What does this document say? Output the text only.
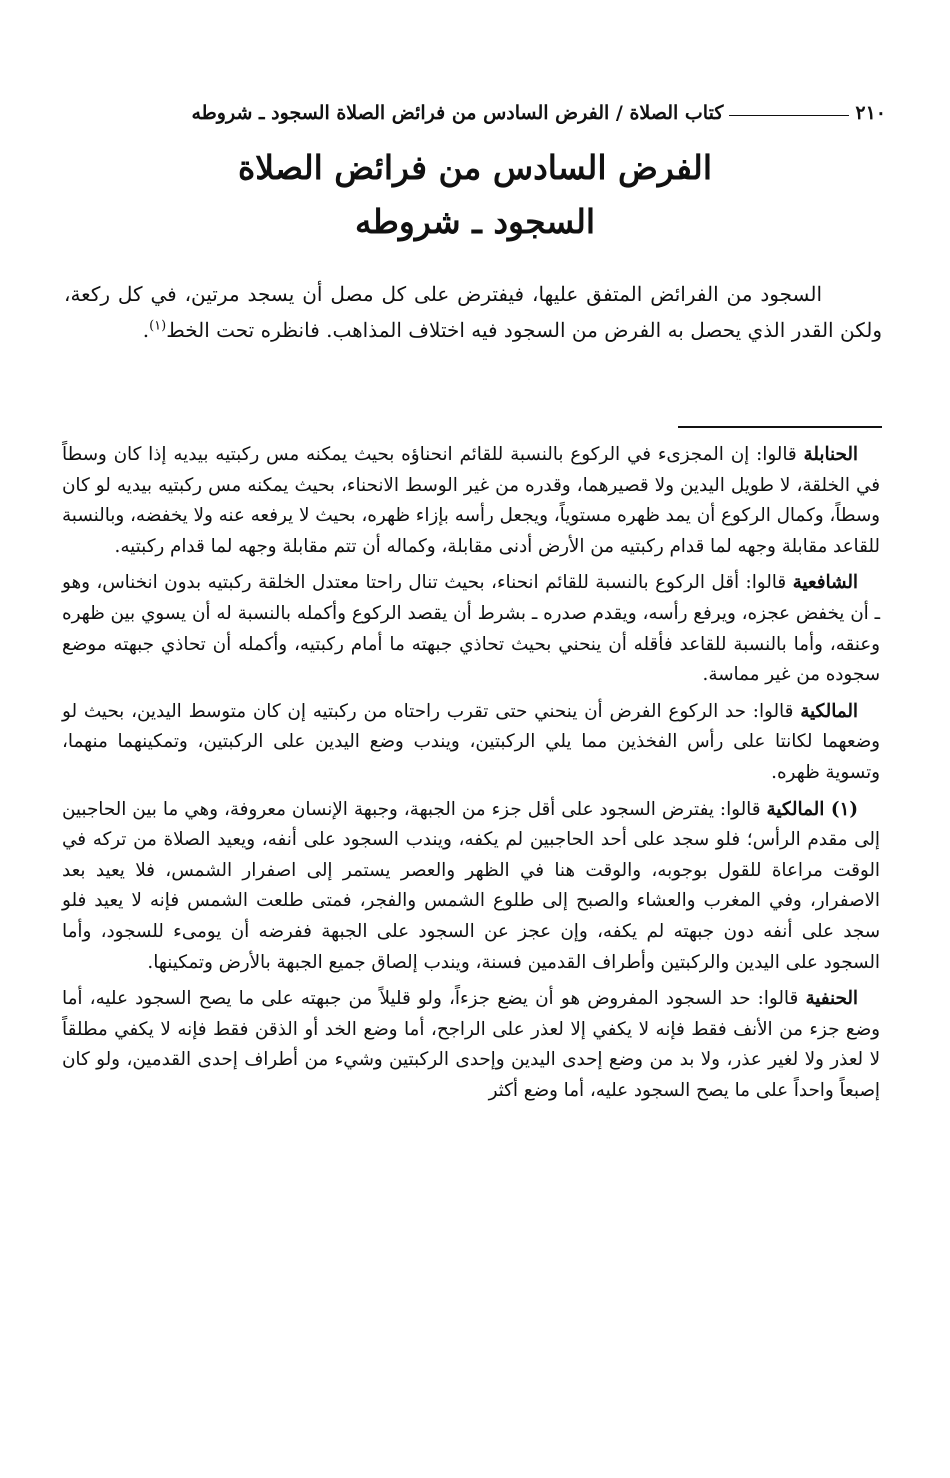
٢١٠
كتاب الصلاة / الفرض السادس من فرائض الصلاة السجود ـ شروطه
الفرض السادس من فرائض الصلاة
السجود ـ شروطه
السجود من الفرائض المتفق عليها، فيفترض على كل مصل أن يسجد مرتين، في كل ركعة، ولكن القدر الذي يحصل به الفرض من السجود فيه اختلاف المذاهب. فانظره تحت الخط$^{(١)}$.

الحنابلة قالوا: إن المجزىء في الركوع بالنسبة للقائم انحناؤه بحيث يمكنه مس ركبتيه بيديه إذا كان وسطاً في الخلقة، لا طويل اليدين ولا قصيرهما، وقدره من غير الوسط الانحناء، بحيث يمكنه مس ركبتيه بيديه لو كان وسطاً، وكمال الركوع أن يمد ظهره مستوياً، ويجعل رأسه بإزاء ظهره، بحيث لا يرفعه عنه ولا يخفضه، وبالنسبة للقاعد مقابلة وجهه لما قدام ركبتيه من الأرض أدنى مقابلة، وكماله أن تتم مقابلة وجهه لما قدام ركبتيه.

الشافعية قالوا: أقل الركوع بالنسبة للقائم انحناء، بحيث تنال راحتا معتدل الخلقة ركبتيه بدون انخناس، وهو ـ أن يخفض عجزه، ويرفع رأسه، ويقدم صدره ـ بشرط أن يقصد الركوع وأكمله بالنسبة له أن يسوي بين ظهره وعنقه، وأما بالنسبة للقاعد فأقله أن ينحني بحيث تحاذي جبهته ما أمام ركبتيه، وأكمله أن تحاذي جبهته موضع سجوده من غير مماسة.

المالكية قالوا: حد الركوع الفرض أن ينحني حتى تقرب راحتاه من ركبتيه إن كان متوسط اليدين، بحيث لو وضعهما لكانتا على رأس الفخذين مما يلي الركبتين، ويندب وضع اليدين على الركبتين، وتمكينهما منهما، وتسوية ظهره.

(١) المالكية قالوا: يفترض السجود على أقل جزء من الجبهة، وجبهة الإنسان معروفة، وهي ما بين الحاجبين إلى مقدم الرأس؛ فلو سجد على أحد الحاجبين لم يكفه، ويندب السجود على أنفه، ويعيد الصلاة من تركه في الوقت مراعاة للقول بوجوبه، والوقت هنا في الظهر والعصر يستمر إلى اصفرار الشمس، فلا يعيد بعد الاصفرار، وفي المغرب والعشاء والصبح إلى طلوع الشمس والفجر، فمتى طلعت الشمس فإنه لا يعيد فلو سجد على أنفه دون جبهته لم يكفه، وإن عجز عن السجود على الجبهة ففرضه أن يومىء للسجود، وأما السجود على اليدين والركبتين وأطراف القدمين فسنة، ويندب إلصاق جميع الجبهة بالأرض وتمكينها.

الحنفية قالوا: حد السجود المفروض هو أن يضع جزءاً، ولو قليلاً من جبهته على ما يصح السجود عليه، أما وضع جزء من الأنف فقط فإنه لا يكفي إلا لعذر على الراجح، أما وضع الخد أو الذقن فقط فإنه لا يكفي مطلقاً لا لعذر ولا لغير عذر، ولا بد من وضع إحدى اليدين وإحدى الركبتين وشيء من أطراف إحدى القدمين، ولو كان إصبعاً واحداً على ما يصح السجود عليه، أما وضع أكثر
